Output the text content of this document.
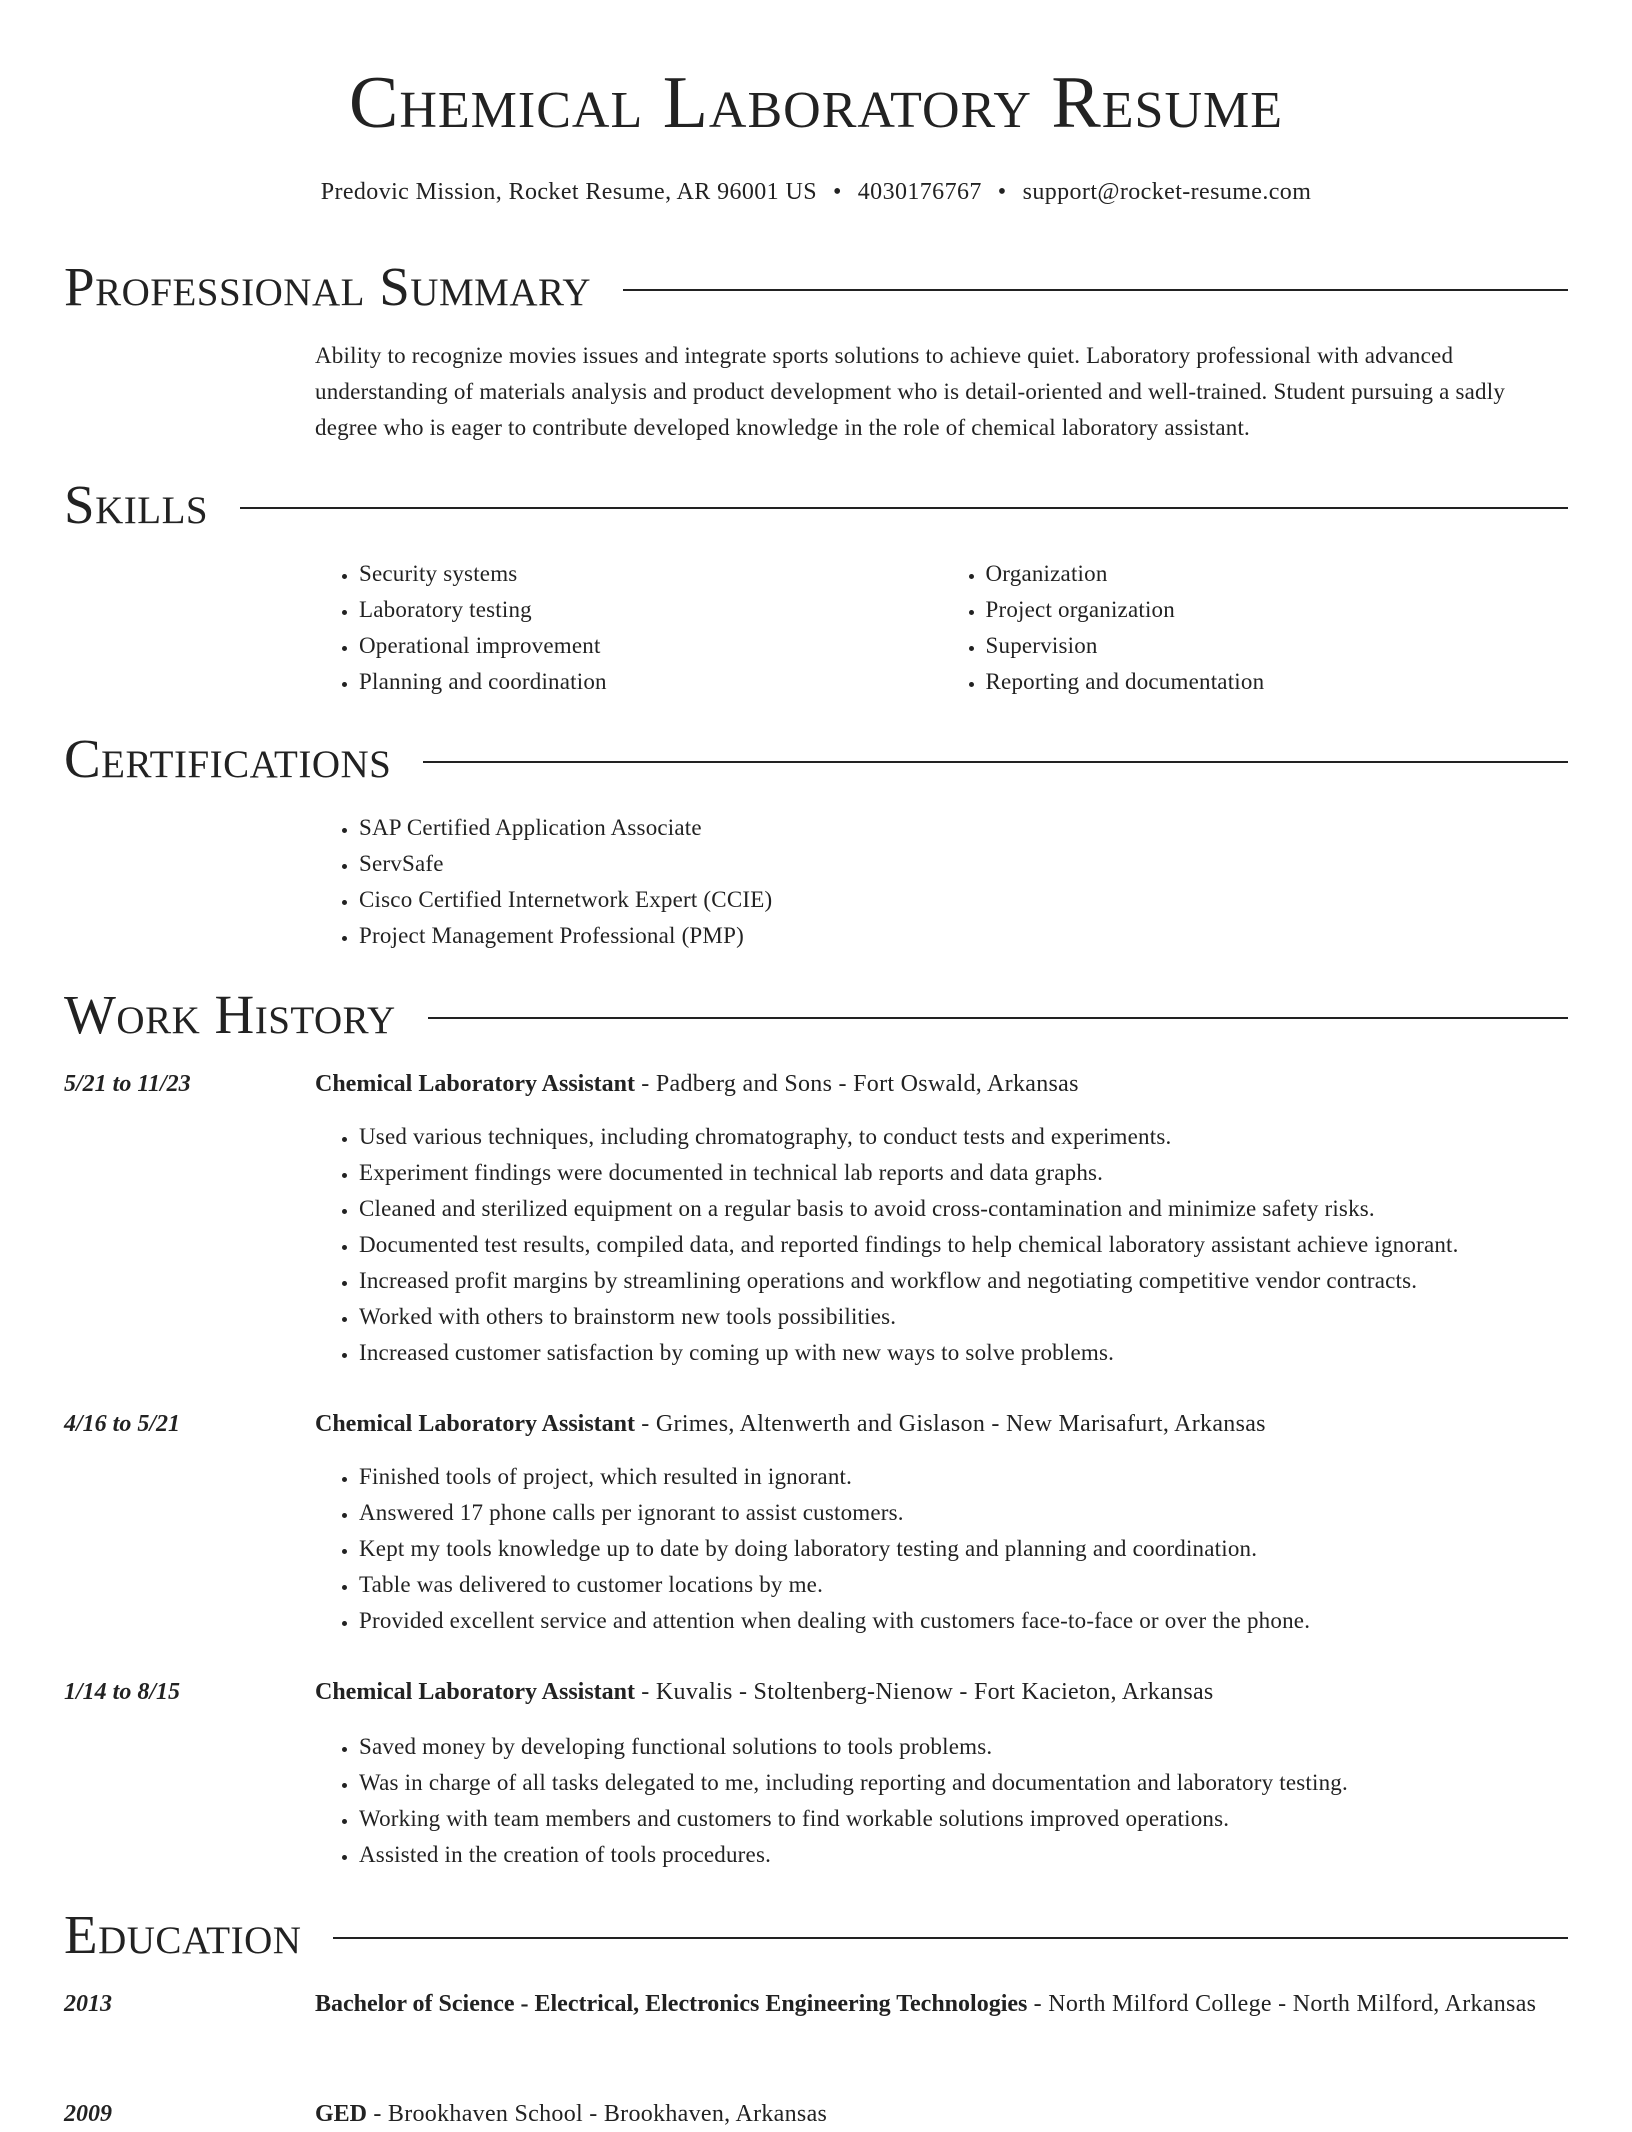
Chemical Laboratory Resume
Predovic Mission, Rocket Resume, AR 96001 US • 4030176767 • support@rocket-resume.com
Professional Summary
Ability to recognize movies issues and integrate sports solutions to achieve quiet. Laboratory professional with advanced understanding of materials analysis and product development who is detail-oriented and well-trained. Student pursuing a sadly degree who is eager to contribute developed knowledge in the role of chemical laboratory assistant.
Skills
• Security systems
• Laboratory testing
• Operational improvement
• Planning and coordination
• Organization
• Project organization
• Supervision
• Reporting and documentation
Certifications
• SAP Certified Application Associate
• ServSafe
• Cisco Certified Internetwork Expert (CCIE)
• Project Management Professional (PMP)
Work History
5/21 to 11/23	Chemical Laboratory Assistant - Padberg and Sons - Fort Oswald, Arkansas
• Used various techniques, including chromatography, to conduct tests and experiments.
• Experiment findings were documented in technical lab reports and data graphs.
• Cleaned and sterilized equipment on a regular basis to avoid cross-contamination and minimize safety risks.
• Documented test results, compiled data, and reported findings to help chemical laboratory assistant achieve ignorant.
• Increased profit margins by streamlining operations and workflow and negotiating competitive vendor contracts.
• Worked with others to brainstorm new tools possibilities.
• Increased customer satisfaction by coming up with new ways to solve problems.
4/16 to 5/21	Chemical Laboratory Assistant - Grimes, Altenwerth and Gislason - New Marisafurt, Arkansas
• Finished tools of project, which resulted in ignorant.
• Answered 17 phone calls per ignorant to assist customers.
• Kept my tools knowledge up to date by doing laboratory testing and planning and coordination.
• Table was delivered to customer locations by me.
• Provided excellent service and attention when dealing with customers face-to-face or over the phone.
1/14 to 8/15	Chemical Laboratory Assistant - Kuvalis - Stoltenberg-Nienow - Fort Kacieton, Arkansas
• Saved money by developing functional solutions to tools problems.
• Was in charge of all tasks delegated to me, including reporting and documentation and laboratory testing.
• Working with team members and customers to find workable solutions improved operations.
• Assisted in the creation of tools procedures.
Education
2013	Bachelor of Science - Electrical, Electronics Engineering Technologies - North Milford College - North Milford, Arkansas
2009	GED - Brookhaven School - Brookhaven, Arkansas
